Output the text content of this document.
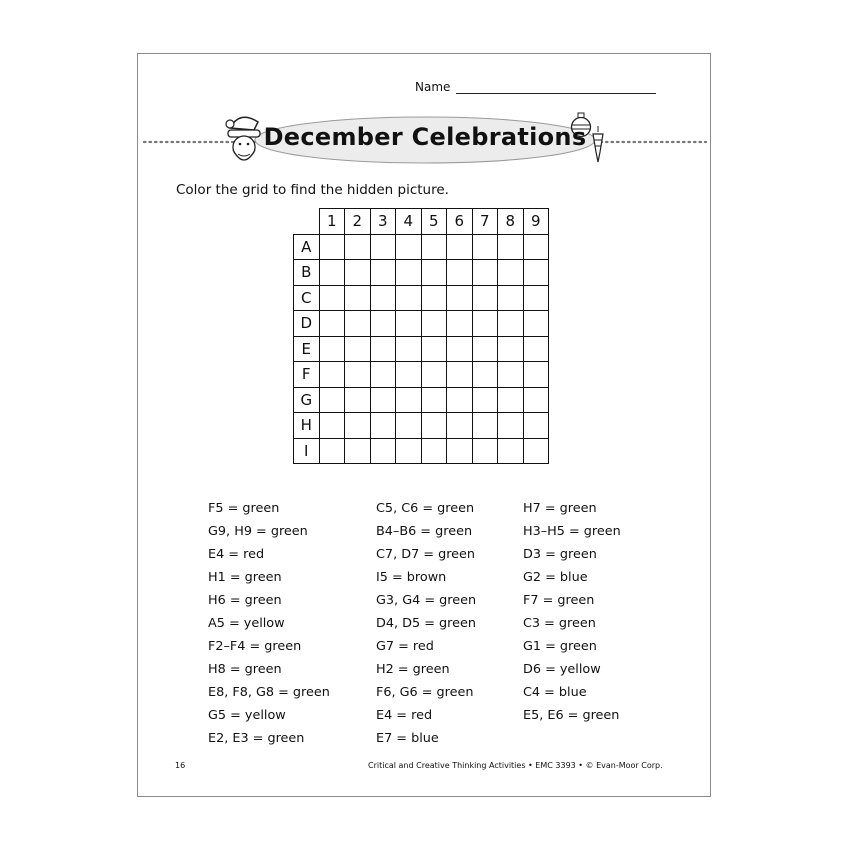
Name
December Celebrations
Color the grid to find the hidden picture.
	1	2	3	4	5	6	7	8	9
A									
B									
C									
D									
E									
F									
G									
H									
I									
F5 = green
G9, H9 = green
E4 = red
H1 = green
H6 = green
A5 = yellow
F2–F4 = green
H8 = green
E8, F8, G8 = green
G5 = yellow
E2, E3 = green
C5, C6 = green
B4–B6 = green
C7, D7 = green
I5 = brown
G3, G4 = green
D4, D5 = green
G7 = red
H2 = green
F6, G6 = green
E4 = red
E7 = blue
H7 = green
H3–H5 = green
D3 = green
G2 = blue
F7 = green
C3 = green
G1 = green
D6 = yellow
C4 = blue
E5, E6 = green
16	Critical and Creative Thinking Activities • EMC 3393 • © Evan-Moor Corp.
